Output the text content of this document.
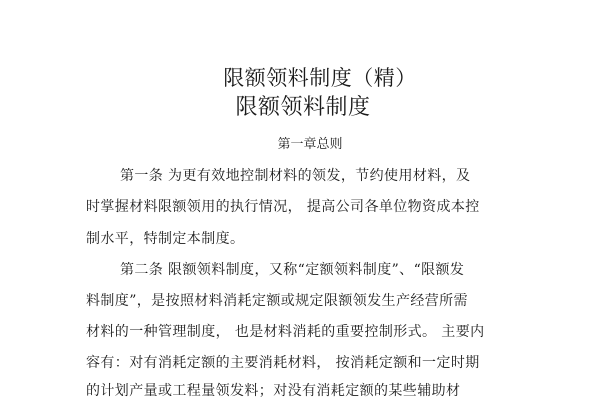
限额领料制度（精）
限额领料制度
第一章总则
第一条 为更有效地控制材料的领发，节约使用材料，及
时掌握材料限额领用的执行情况， 提高公司各单位物资成本控
制水平，特制定本制度。
第二条 限额领料制度，又称“定额领料制度”、“限额发
料制度”，是按照材料消耗定额或规定限额领发生产经营所需
材料的一种管理制度， 也是材料消耗的重要控制形式。 主要内
容有：对有消耗定额的主要消耗材料， 按消耗定额和一定时期
的计划产量或工程量领发料；对没有消耗定额的某些辅助材
